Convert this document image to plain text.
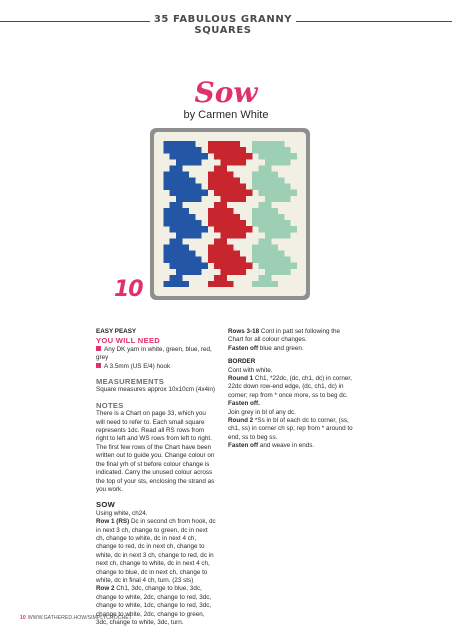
35 FABULOUS GRANNY SQUARES
Sow
by Carmen White
10
EASY PEASY
YOU WILL NEED

Any DK yarn in white, green, blue, red, grey

A 3.5mm (US E/4) hook

MEASUREMENTS

Square measures approx 10x10cm (4x4in)

NOTES

There is a Chart on page 33, which you will need to refer to. Each small square represents 1dc. Read all RS rows from right to left and WS rows from left to right. The first few rows of the Chart have been written out to guide you. Change colour on the final yrh of st before colour change is indicated. Carry the unused colour across the top of your sts, enclosing the strand as you work.

SOW

Using white, ch24.

Row 1 (RS) Dc in second ch from hook, dc in next 3 ch, change to green, dc in next ch, change to white, dc in next 4 ch, change to red, dc in next ch, change to white, dc in next 3 ch, change to red, dc in next ch, change to white, dc in next 4 ch, change to blue, dc in next ch, change to white, dc in final 4 ch, turn. (23 sts)

Row 2 Ch1, 3dc, change to blue, 3dc, change to white, 2dc, change to red, 3dc, change to white, 1dc, change to red, 3dc, change to white, 2dc, change to green, 3dc, change to white, 3dc, turn.

Rows 3-18 Cont in patt set following the Chart for all colour changes.

Fasten off blue and green.

BORDER

Cont with white.

Round 1 Ch1, *22dc, (dc, ch1, dc) in corner, 22dc down row-end edge, (dc, ch1, dc) in corner; rep from * once more, ss to beg dc.

Fasten off.

Join grey in bl of any dc.

Round 2 *Ss in bl of each dc to corner, (ss, ch1, ss) in corner ch sp; rep from * around to end, ss to beg ss.

Fasten off and weave in ends.

10 WWW.GATHERED.HOW/SIMPLYCROCHET
